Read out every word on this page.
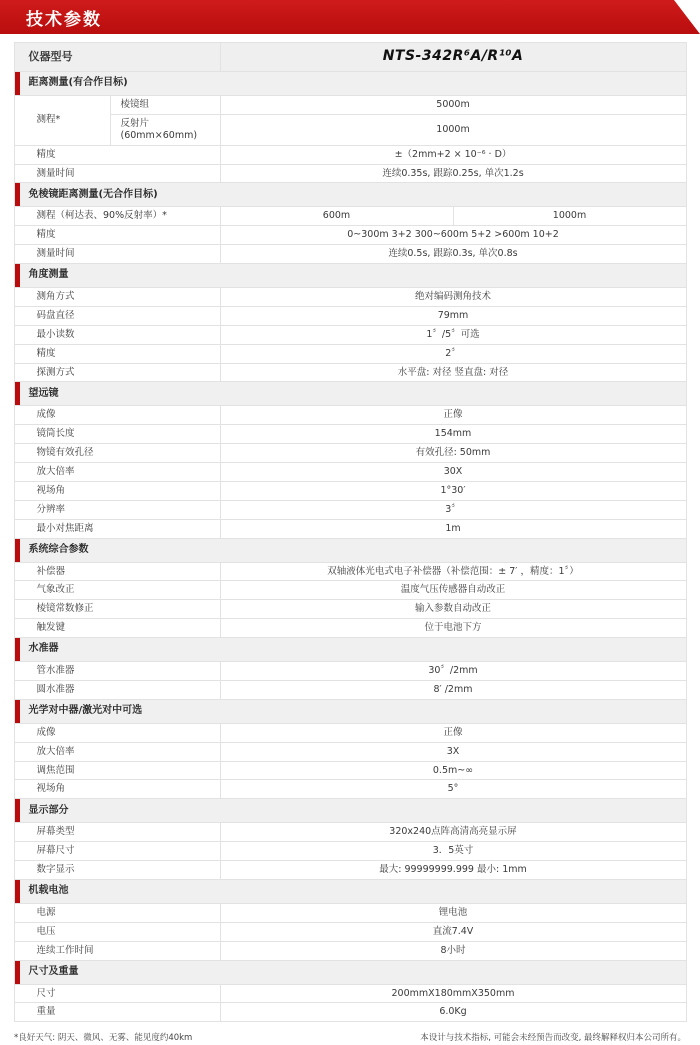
技术参数
仪器型号		NTS-342R⁶A/R¹⁰A	
距离测量(有合作目标)			
测程*	棱镜组	5000m	
	反射片(60mm×60mm)	1000m	
精度		±（2mm+2 × 10⁻⁶ · D）	
测量时间		连续0.35s, 跟踪0.25s, 单次1.2s	
免棱镜距离测量(无合作目标)			
测程（柯达表、90%反射率）*		600m	1000m
精度		0~300m 3+2 300~600m 5+2 >600m 10+2	
测量时间		连续0.5s, 跟踪0.3s, 单次0.8s	
角度测量			
测角方式		绝对编码测角技术	
码盘直径		79mm	
最小读数		1〞/5〞可选	
精度		2〞	
探测方式		水平盘: 对径 竖直盘: 对径	
望远镜			
成像		正像	
镜筒长度		154mm	
物镜有效孔径		有效孔径: 50mm	
放大倍率		30X	
视场角		1°30′	
分辨率		3〞	
最小对焦距离		1m	
系统综合参数			
补偿器		双轴液体光电式电子补偿器（补偿范围：± 7′ ，精度：1〞）	
气象改正		温度气压传感器自动改正	
棱镜常数修正		输入参数自动改正	
触发键		位于电池下方	
水准器			
管水准器		30〞/2mm	
圆水准器		8′ /2mm	
光学对中器/激光对中可选			
成像		正像	
放大倍率		3X	
调焦范围		0.5m~∞	
视场角		5°	
显示部分			
屏幕类型		320x240点阵高清高亮显示屏	
屏幕尺寸		3．5英寸	
数字显示		最大: 99999999.999 最小: 1mm	
机载电池			
电源		锂电池	
电压		直流7.4V	
连续工作时间		8小时	
尺寸及重量			
尺寸		200mmX180mmX350mm	
重量		6.0Kg	
*良好天气: 阴天、微风、无雾、能见度约40km	本设计与技术指标, 可能会未经预告而改变, 最终解释权归本公司所有。
